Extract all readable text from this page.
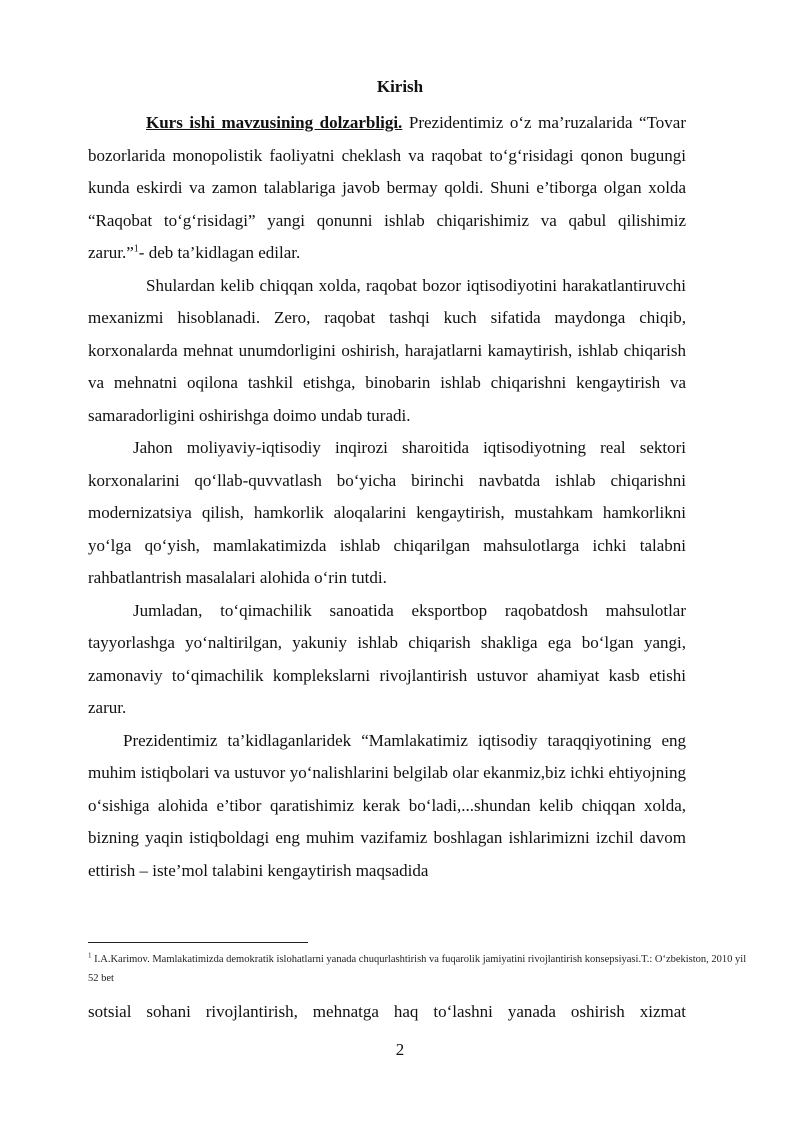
Kirish

Kurs ishi mavzusining dolzarbligi. Prezidentimiz o‘z ma’ruzalarida “Tovar bozorlarida monopolistik faoliyatni cheklash va raqobat to‘g‘risidagi qonon bugungi kunda eskirdi va zamon talablariga javob bermay qoldi. Shuni e’tiborga olgan xolda “Raqobat to‘g‘risidagi” yangi qonunni ishlab chiqarishimiz va qabul qilishimiz zarur.”$^1$- deb ta’kidlagan edilar.

Shulardan kelib chiqqan xolda, raqobat bozor iqtisodiyotini harakatlantiruvchi mexanizmi hisoblanadi. Zero, raqobat tashqi kuch sifatida maydonga chiqib, korxonalarda mehnat unumdorligini oshirish, harajatlarni kamaytirish, ishlab chiqarish va mehnatni oqilona tashkil etishga, binobarin ishlab chiqarishni kengaytirish va samaradorligini oshirishga doimo undab turadi.

Jahon moliyaviy-iqtisodiy inqirozi sharoitida iqtisodiyotning real sektori korxonalarini qo‘llab-quvvatlash bo‘yicha birinchi navbatda ishlab chiqarishni modernizatsiya qilish, hamkorlik aloqalarini kengaytirish, mustahkam hamkorlikni yo‘lga qo‘yish, mamlakatimizda ishlab chiqarilgan mahsulotlarga ichki talabni rahbatlantrish masalalari alohida o‘rin tutdi.

Jumladan, to‘qimachilik sanoatida eksportbop raqobatdosh mahsulotlar tayyorlashga yo‘naltirilgan, yakuniy ishlab chiqarish shakliga ega bo‘lgan yangi, zamonaviy to‘qimachilik komplekslarni rivojlantirish ustuvor ahamiyat kasb etishi zarur.

Prezidentimiz ta’kidlaganlaridek “Mamlakatimiz iqtisodiy taraqqiyotining eng muhim istiqbolari va ustuvor yo‘nalishlarini belgilab olar ekanmiz,biz ichki ehtiyojning o‘sishiga alohida e’tibor qaratishimiz kerak bo‘ladi,...shundan kelib chiqqan xolda, bizning yaqin istiqboldagi eng muhim vazifamiz boshlagan ishlarimizni izchil davom ettirish – iste’mol talabini kengaytirish maqsadida

$^1$ I.A.Karimov. Mamlakatimizda demokratik islohatlarni yanada chuqurlashtirish va fuqarolik jamiyatini rivojlantirish konsepsiyasi.T.: O‘zbekiston, 2010 yil 52 bet
sotsial sohani rivojlantirish, mehnatga haq to‘lashni yanada oshirish xizmat
2
